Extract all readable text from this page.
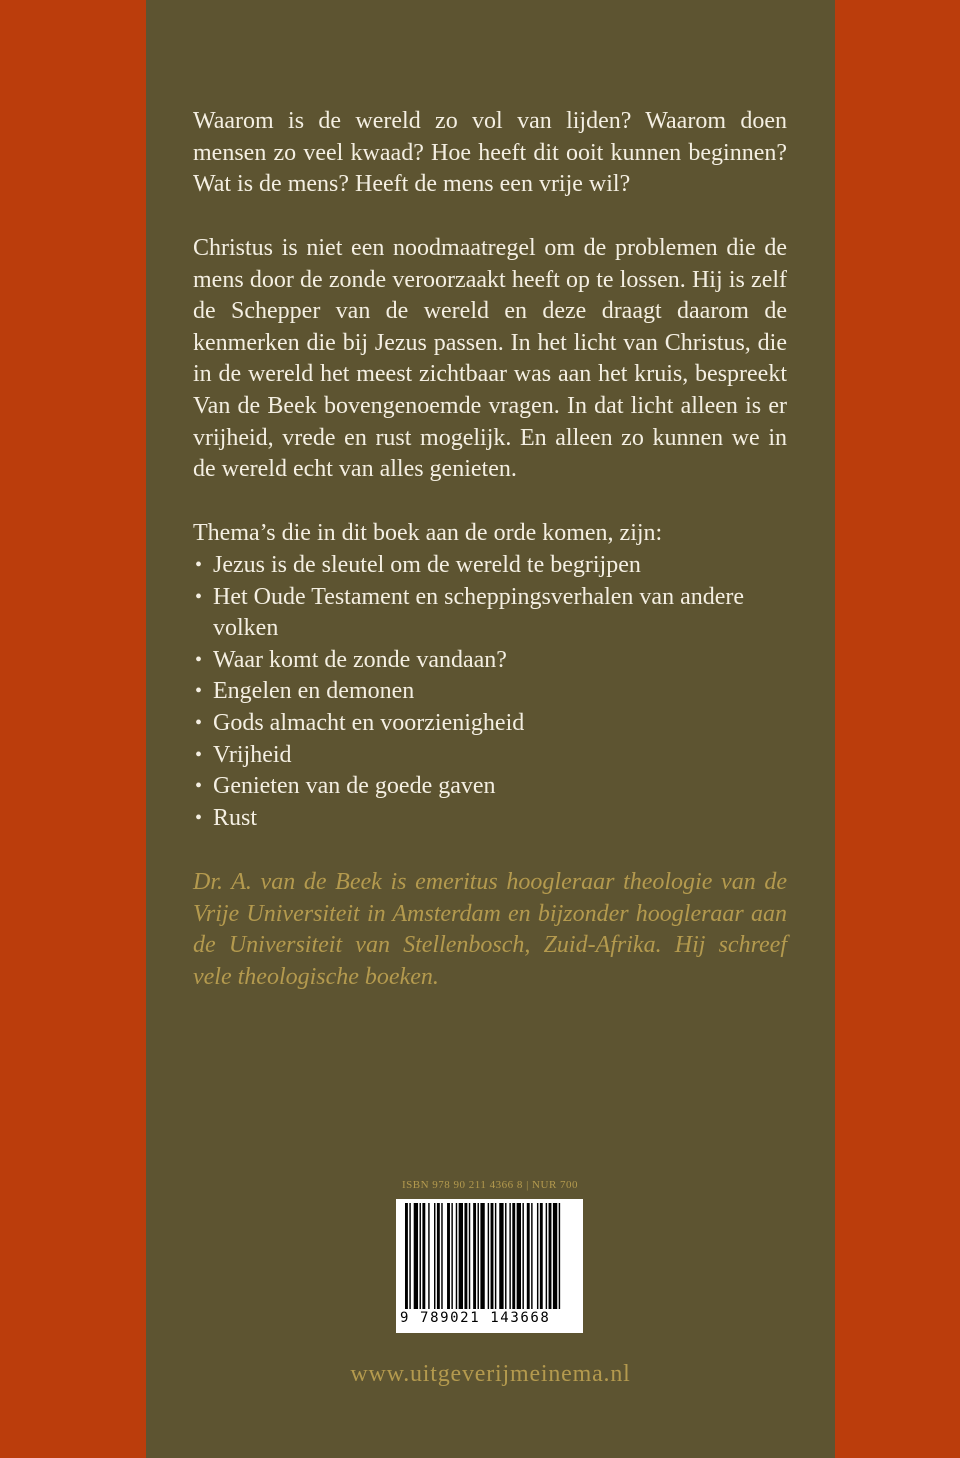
Waarom is de wereld zo vol van lijden? Waarom doen mensen zo veel kwaad? Hoe heeft dit ooit kunnen beginnen? Wat is de mens? Heeft de mens een vrije wil?

Christus is niet een noodmaatregel om de problemen die de mens door de zonde veroorzaakt heeft op te lossen. Hij is zelf de Schepper van de wereld en deze draagt daarom de kenmerken die bij Jezus passen. In het licht van Christus, die in de wereld het meest zichtbaar was aan het kruis, bespreekt Van de Beek bovengenoemde vragen. In dat licht alleen is er vrijheid, vrede en rust mogelijk. En alleen zo kunnen we in de wereld echt van alles genieten.

Thema’s die in dit boek aan de orde komen, zijn:

• Jezus is de sleutel om de wereld te begrijpen
• Het Oude Testament en scheppingsverhalen van andere volken
• Waar komt de zonde vandaan?
• Engelen en demonen
• Gods almacht en voorzienigheid
• Vrijheid
• Genieten van de goede gaven
• Rust

Dr. A. van de Beek is emeritus hoogleraar theologie van de Vrije Universiteit in Amsterdam en bijzonder hoogleraar aan de Universiteit van Stellenbosch, Zuid-Afrika. Hij schreef vele theologische boeken.

ISBN 978 90 211 4366 8 | NUR 700
9 789021 143668
www.uitgeverijmeinema.nl
